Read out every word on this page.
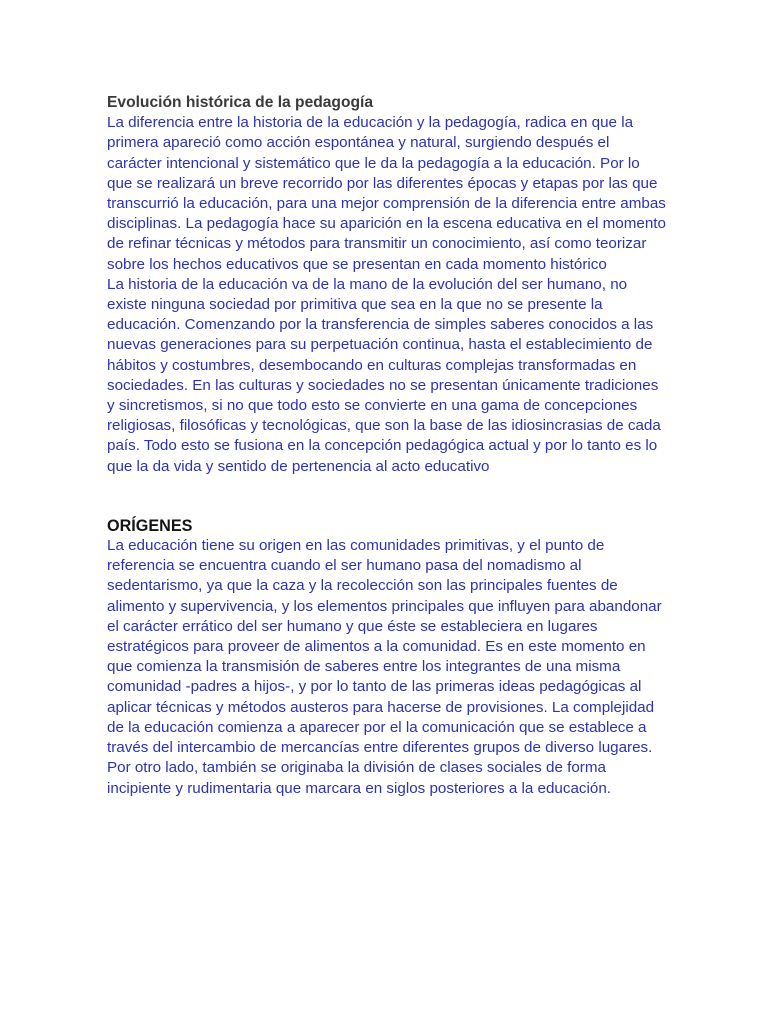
Evolución histórica de la pedagogía

La diferencia entre la historia de la educación y la pedagogía, radica en que la primera apareció como acción espontánea y natural, surgiendo después el carácter intencional y sistemático que le da la pedagogía a la educación. Por lo que se realizará un breve recorrido por las diferentes épocas y etapas por las que transcurrió la educación, para una mejor comprensión de la diferencia entre ambas disciplinas. La pedagogía hace su aparición en la escena educativa en el momento de refinar técnicas y métodos para transmitir un conocimiento, así como teorizar sobre los hechos educativos que se presentan en cada momento histórico

La historia de la educación va de la mano de la evolución del ser humano, no existe ninguna sociedad por primitiva que sea en la que no se presente la educación. Comenzando por la transferencia de simples saberes conocidos a las nuevas generaciones para su perpetuación continua, hasta el establecimiento de hábitos y costumbres, desembocando en culturas complejas transformadas en sociedades. En las culturas y sociedades no se presentan únicamente tradiciones y sincretismos, si no que todo esto se convierte en una gama de concepciones religiosas, filosóficas y tecnológicas, que son la base de las idiosincrasias de cada país. Todo esto se fusiona en la concepción pedagógica actual y por lo tanto es lo que la da vida y sentido de pertenencia al acto educativo

ORÍGENES

La educación tiene su origen en las comunidades primitivas, y el punto de referencia se encuentra cuando el ser humano pasa del nomadismo al sedentarismo, ya que la caza y la recolección son las principales fuentes de alimento y supervivencia, y los elementos principales que influyen para abandonar el carácter errático del ser humano y que éste se estableciera en lugares estratégicos para proveer de alimentos a la comunidad. Es en este momento en que comienza la transmisión de saberes entre los integrantes de una misma comunidad -padres a hijos-, y por lo tanto de las primeras ideas pedagógicas al aplicar técnicas y métodos austeros para hacerse de provisiones. La complejidad de la educación comienza a aparecer por el la comunicación que se establece a través del intercambio de mercancías entre diferentes grupos de diverso lugares. Por otro lado, también se originaba la división de clases sociales de forma incipiente y rudimentaria que marcara en siglos posteriores a la educación.
